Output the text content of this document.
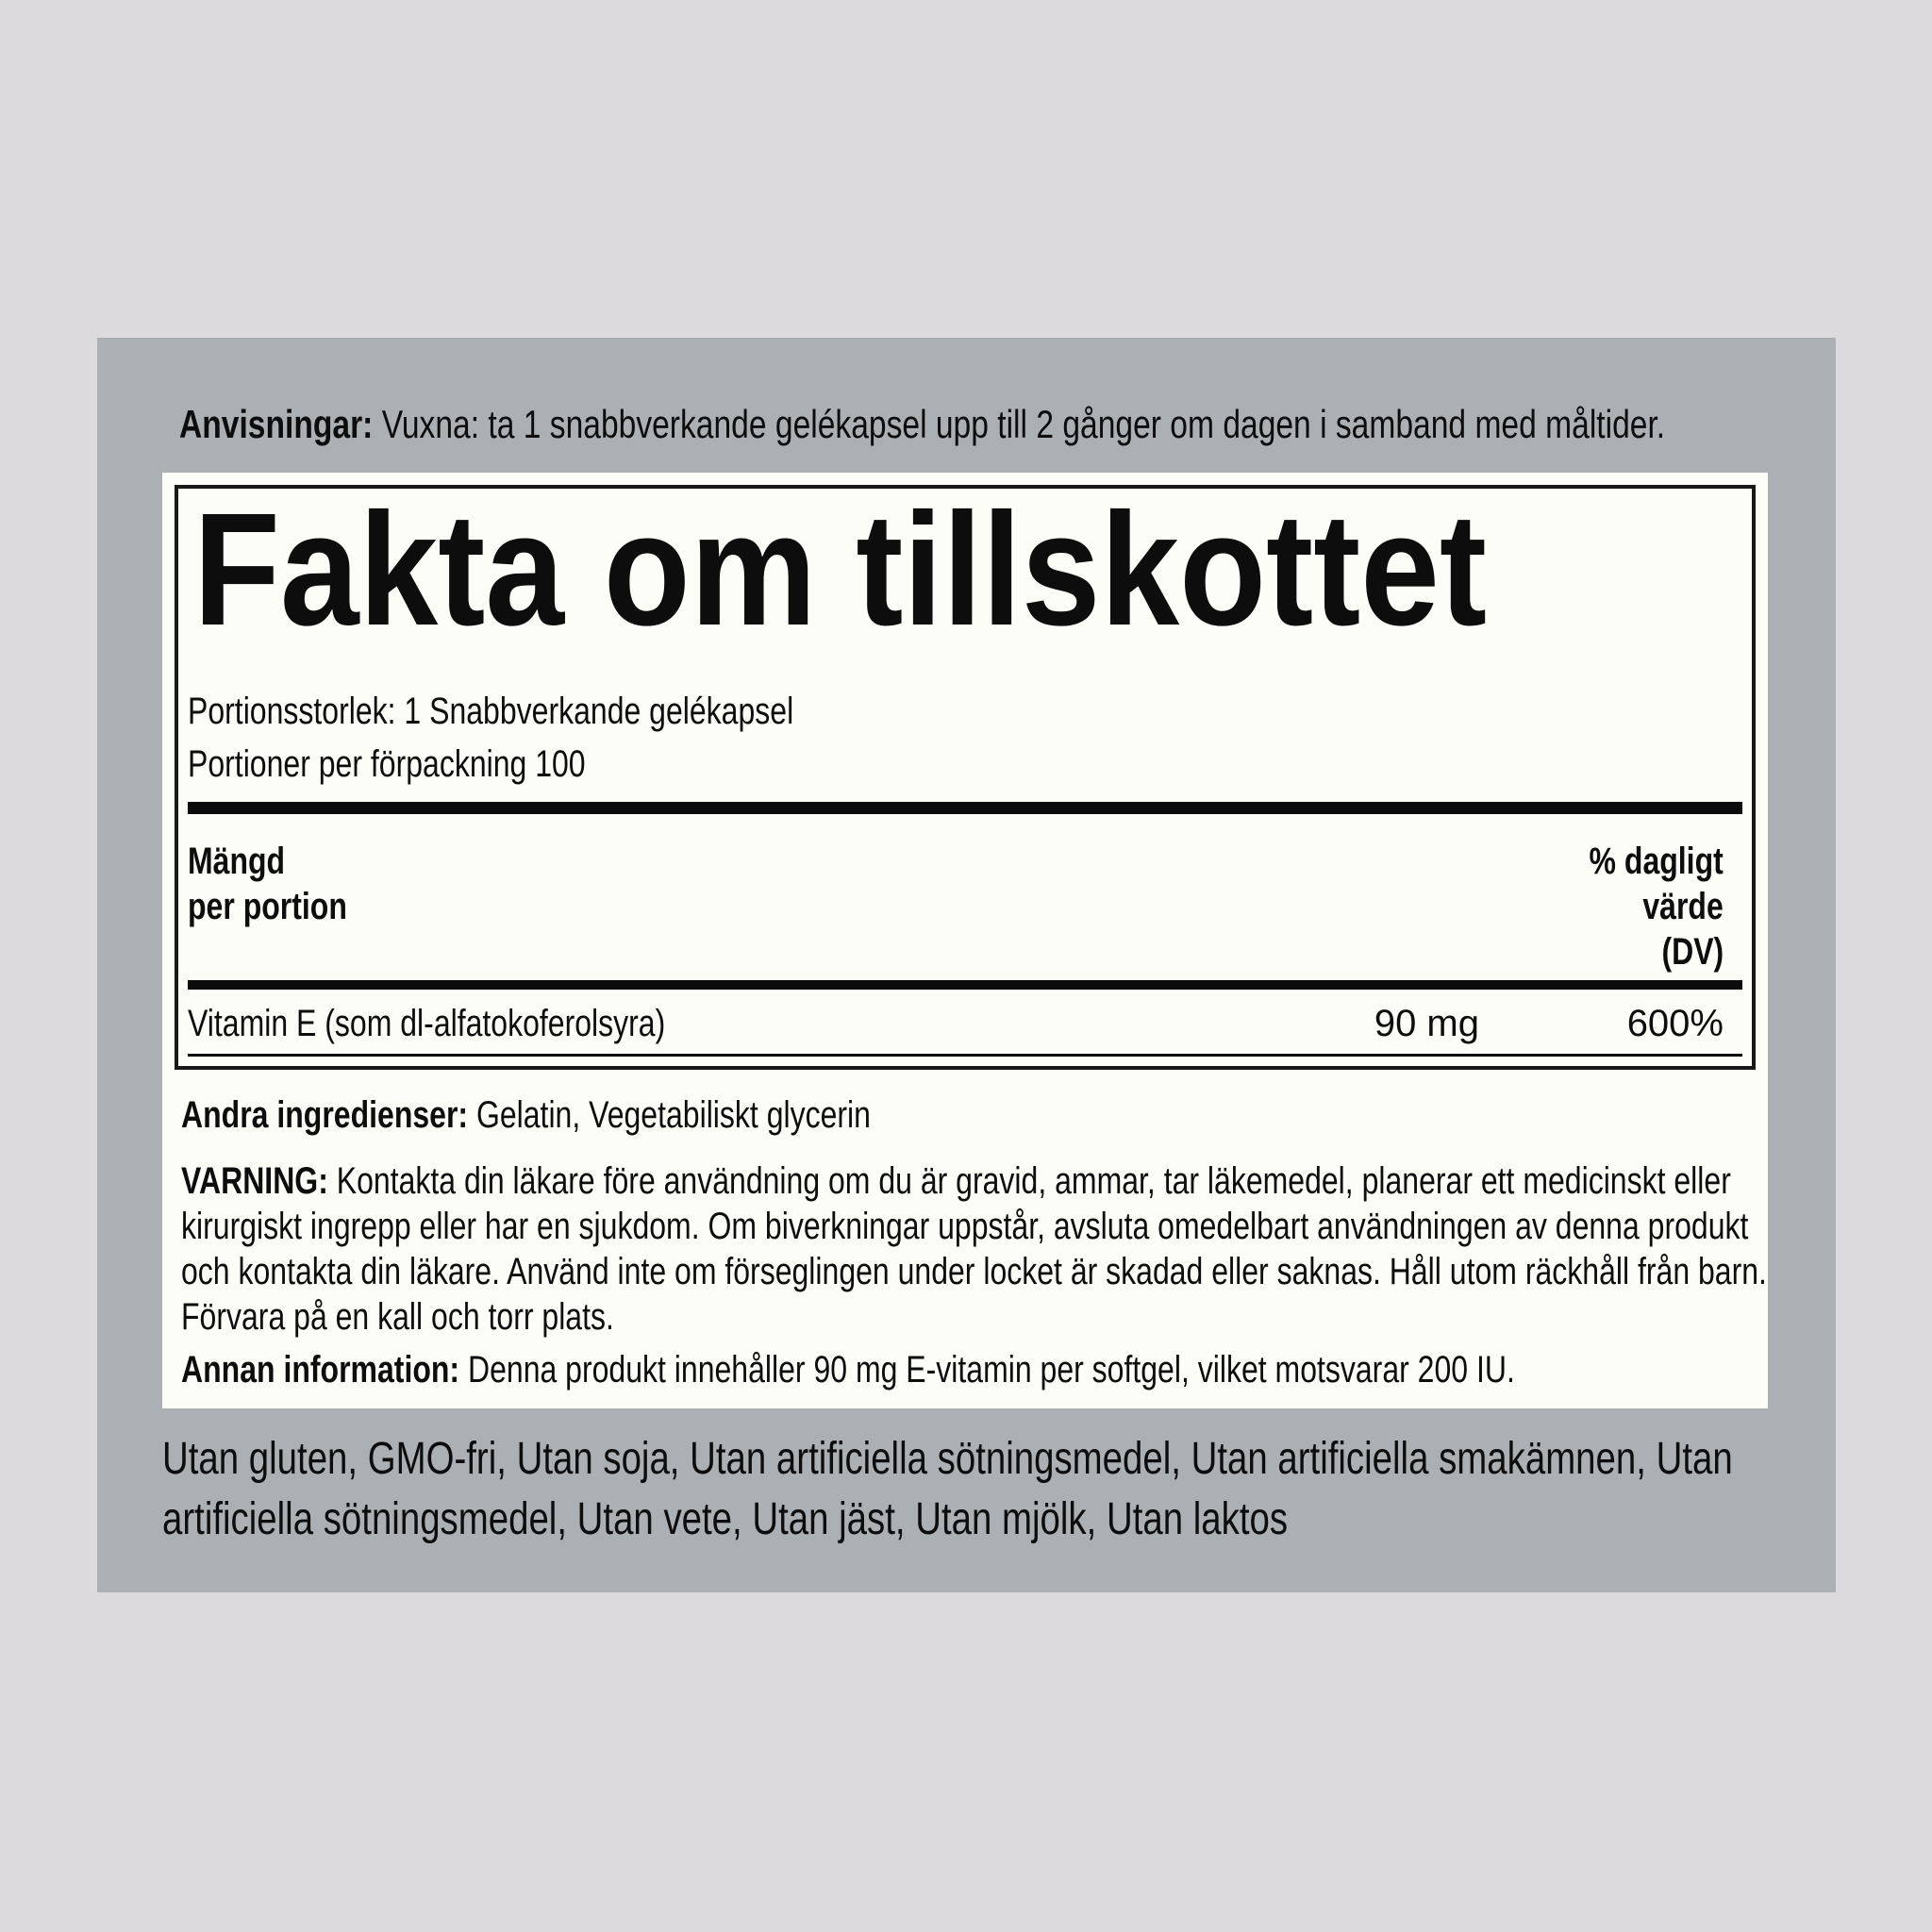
Anvisningar: Vuxna: ta 1 snabbverkande gelékapsel upp till 2 gånger om dagen i samband med måltider.

Fakta om tillskottet

Portionsstorlek: 1 Snabbverkande gelékapsel

Portioner per förpackning 100

Mängd
per portion
% dagligt
värde
(DV)
Vitamin E (som dl-alfatokoferolsyra)	90 mg	600%

Andra ingredienser: Gelatin, Vegetabiliskt glycerin

VARNING: Kontakta din läkare före användning om du är gravid, ammar, tar läkemedel, planerar ett medicinskt eller kirurgiskt ingrepp eller har en sjukdom. Om biverkningar uppstår, avsluta omedelbart användningen av denna produkt och kontakta din läkare. Använd inte om förseglingen under locket är skadad eller saknas. Håll utom räckhåll från barn. Förvara på en kall och torr plats.

Annan information: Denna produkt innehåller 90 mg E-vitamin per softgel, vilket motsvarar 200 IU.

Utan gluten, GMO-fri, Utan soja, Utan artificiella sötningsmedel, Utan artificiella smakämnen, Utan artificiella sötningsmedel, Utan vete, Utan jäst, Utan mjölk, Utan laktos
